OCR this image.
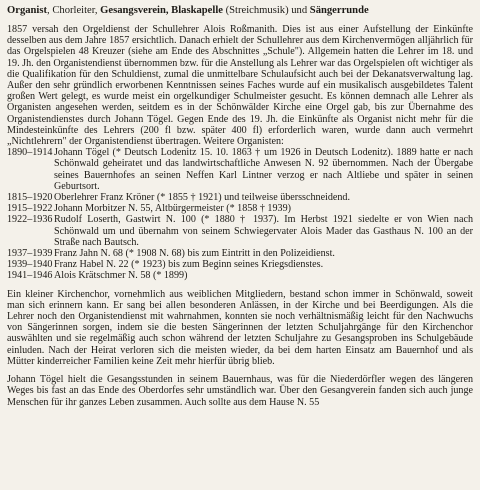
Organist, Chorleiter, Gesangsverein, Blaskapelle (Streichmusik) und Sängerrunde

1857 versah den Orgeldienst der Schullehrer Alois Roßmanith. Dies ist aus einer Aufstellung der Einkünfte desselben aus dem Jahre 1857 ersichtlich. Danach erhielt der Schullehrer aus dem Kirchenvermögen alljährlich für das Orgelspielen 48 Kreuzer (siehe am Ende des Abschnittes „Schule"). Allgemein hatten die Lehrer im 18. und 19. Jh. den Organistendienst übernommen bzw. für die Anstellung als Lehrer war das Orgelspielen oft wichtiger als die Qualifikation für den Schuldienst, zumal die unmittelbare Schulaufsicht auch bei der Dekanatsverwaltung lag. Außer den sehr gründlich erworbenen Kenntnissen seines Faches wurde auf ein musikalisch ausgebildetes Talent großen Wert gelegt, es wurde meist ein orgelkundiger Schulmeister gesucht. Es können demnach alle Lehrer als Organisten angesehen werden, seitdem es in der Schönwälder Kirche eine Orgel gab, bis zur Übernahme des Organistendienstes durch Johann Tögel. Gegen Ende des 19. Jh. die Einkünfte als Organist nicht mehr für die Mindesteinkünfte des Lehrers (200 fl bzw. später 400 fl) erforderlich waren, wurde dann auch vermehrt „Nichtlehrern" der Organistendienst übertragen. Weitere Organisten:

1890–1914 Johann Tögel (* Deutsch Lodenitz 15. 10. 1863 † um 1926 in Deutsch Lodenitz). 1889 hatte er nach Schönwald geheiratet und das landwirtschaftliche Anwesen N. 92 übernommen. Nach der Übergabe seines Bauernhofes an seinen Neffen Karl Lintner verzog er nach Altliebe und später in seinen Geburtsort.
1815–1920 Oberlehrer Franz Kröner (* 1855 † 1921) und teilweise übersschneidend.
1915–1922 Johann Morbitzer N. 55, Altbürgermeister (* 1858 † 1939)
1922–1936 Rudolf Loserth, Gastwirt N. 100 (* 1880 † 1937). Im Herbst 1921 siedelte er von Wien nach Schönwald um und übernahm von seinem Schwiegervater Alois Mader das Gasthaus N. 100 an der Straße nach Bautsch.
1937–1939 Franz Jahn N. 68 (* 1908 N. 68) bis zum Eintritt in den Polizeidienst.
1939–1940 Franz Habel N. 22 (* 1923) bis zum Beginn seines Kriegsdienstes.
1941–1946 Alois Krätschmer N. 58 (* 1899)

Ein kleiner Kirchenchor, vornehmlich aus weiblichen Mitgliedern, bestand schon immer in Schönwald, soweit man sich erinnern kann. Er sang bei allen besonderen Anlässen, in der Kirche und bei Beerdigungen. Als die Lehrer noch den Organistendienst mit wahrnahmen, konnten sie noch verhältnismäßig leicht für den Nachwuchs von Sängerinnen sorgen, indem sie die besten Sängerinnen der letzten Schuljahrgänge für den Kirchenchor auswählten und sie regelmäßig auch schon während der letzten Schuljahre zu Gesangsproben ins Schulgebäude einluden. Nach der Heirat verloren sich die meisten wieder, da bei dem harten Einsatz am Bauernhof und als Mütter kinderreicher Familien keine Zeit mehr hierfür übrig blieb.

Johann Tögel hielt die Gesangsstunden in seinem Bauernhaus, was für die Niederdörfler wegen des längeren Weges bis fast an das Ende des Oberdorfes sehr umständlich war. Über den Gesangverein fanden sich auch junge Menschen für ihr ganzes Leben zusammen. Auch sollte aus dem Hause N. 55
